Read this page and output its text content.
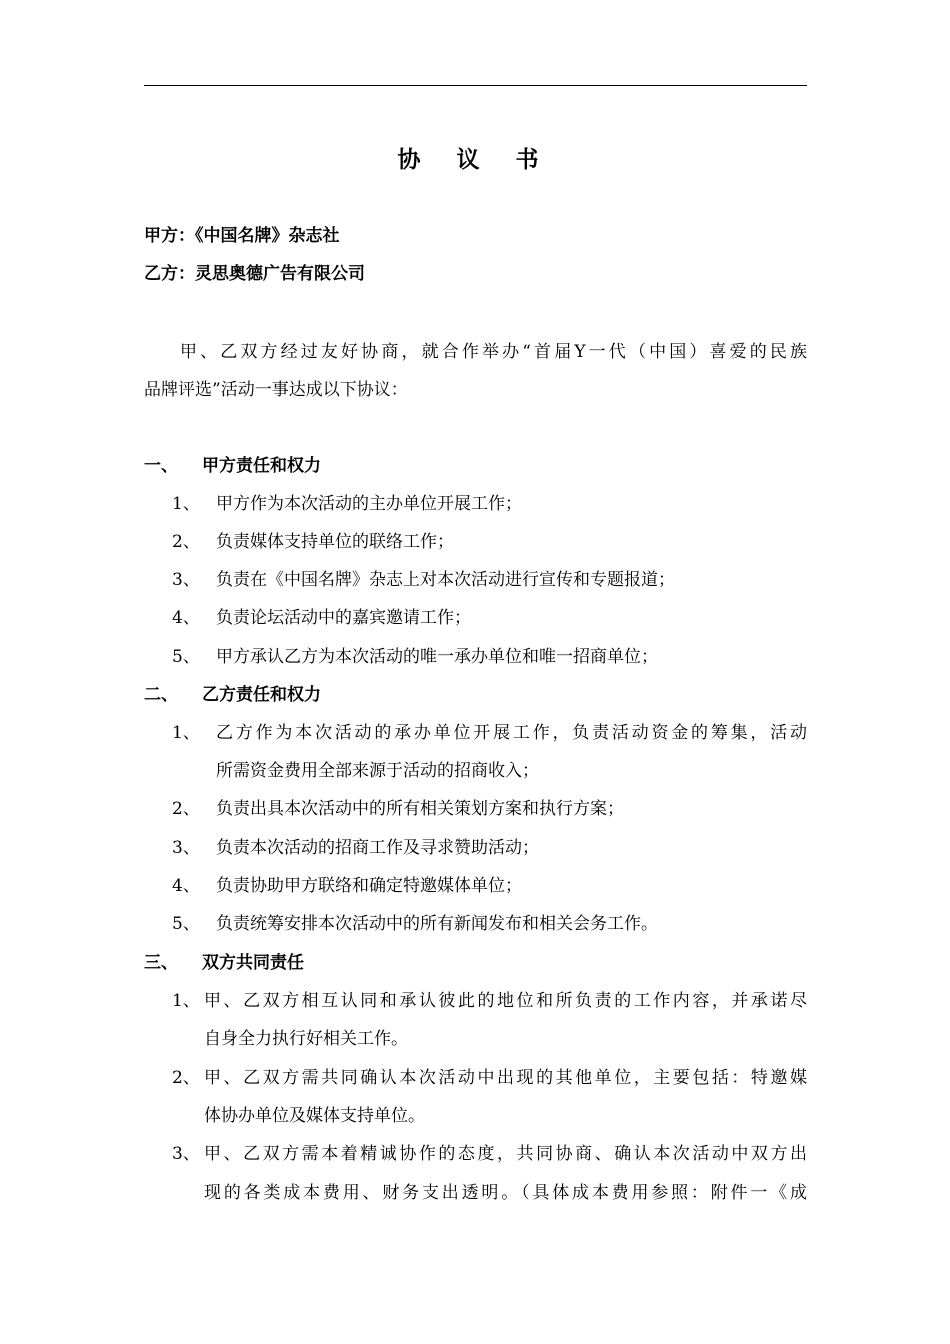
协 议 书
甲方：《中国名牌》杂志社
乙方：灵思奥德广告有限公司
甲、乙双方经过友好协商，就合作举办“首届Y一代（中国）喜爱的民族
品牌评选”活动一事达成以下协议：
一、 甲方责任和权力
1、 甲方作为本次活动的主办单位开展工作；
2、 负责媒体支持单位的联络工作；
3、 负责在《中国名牌》杂志上对本次活动进行宣传和专题报道；
4、 负责论坛活动中的嘉宾邀请工作；
5、 甲方承认乙方为本次活动的唯一承办单位和唯一招商单位；
二、 乙方责任和权力
1、 乙方作为本次活动的承办单位开展工作，负责活动资金的筹集，活动
所需资金费用全部来源于活动的招商收入；
2、 负责出具本次活动中的所有相关策划方案和执行方案；
3、 负责本次活动的招商工作及寻求赞助活动；
4、 负责协助甲方联络和确定特邀媒体单位；
5、 负责统筹安排本次活动中的所有新闻发布和相关会务工作。
三、 双方共同责任
1、 甲、乙双方相互认同和承认彼此的地位和所负责的工作内容，并承诺尽
自身全力执行好相关工作。
2、 甲、乙双方需共同确认本次活动中出现的其他单位，主要包括：特邀媒
体协办单位及媒体支持单位。
3、 甲、乙双方需本着精诚协作的态度，共同协商、确认本次活动中双方出
现的各类成本费用、财务支出透明。（具体成本费用参照：附件一《成
